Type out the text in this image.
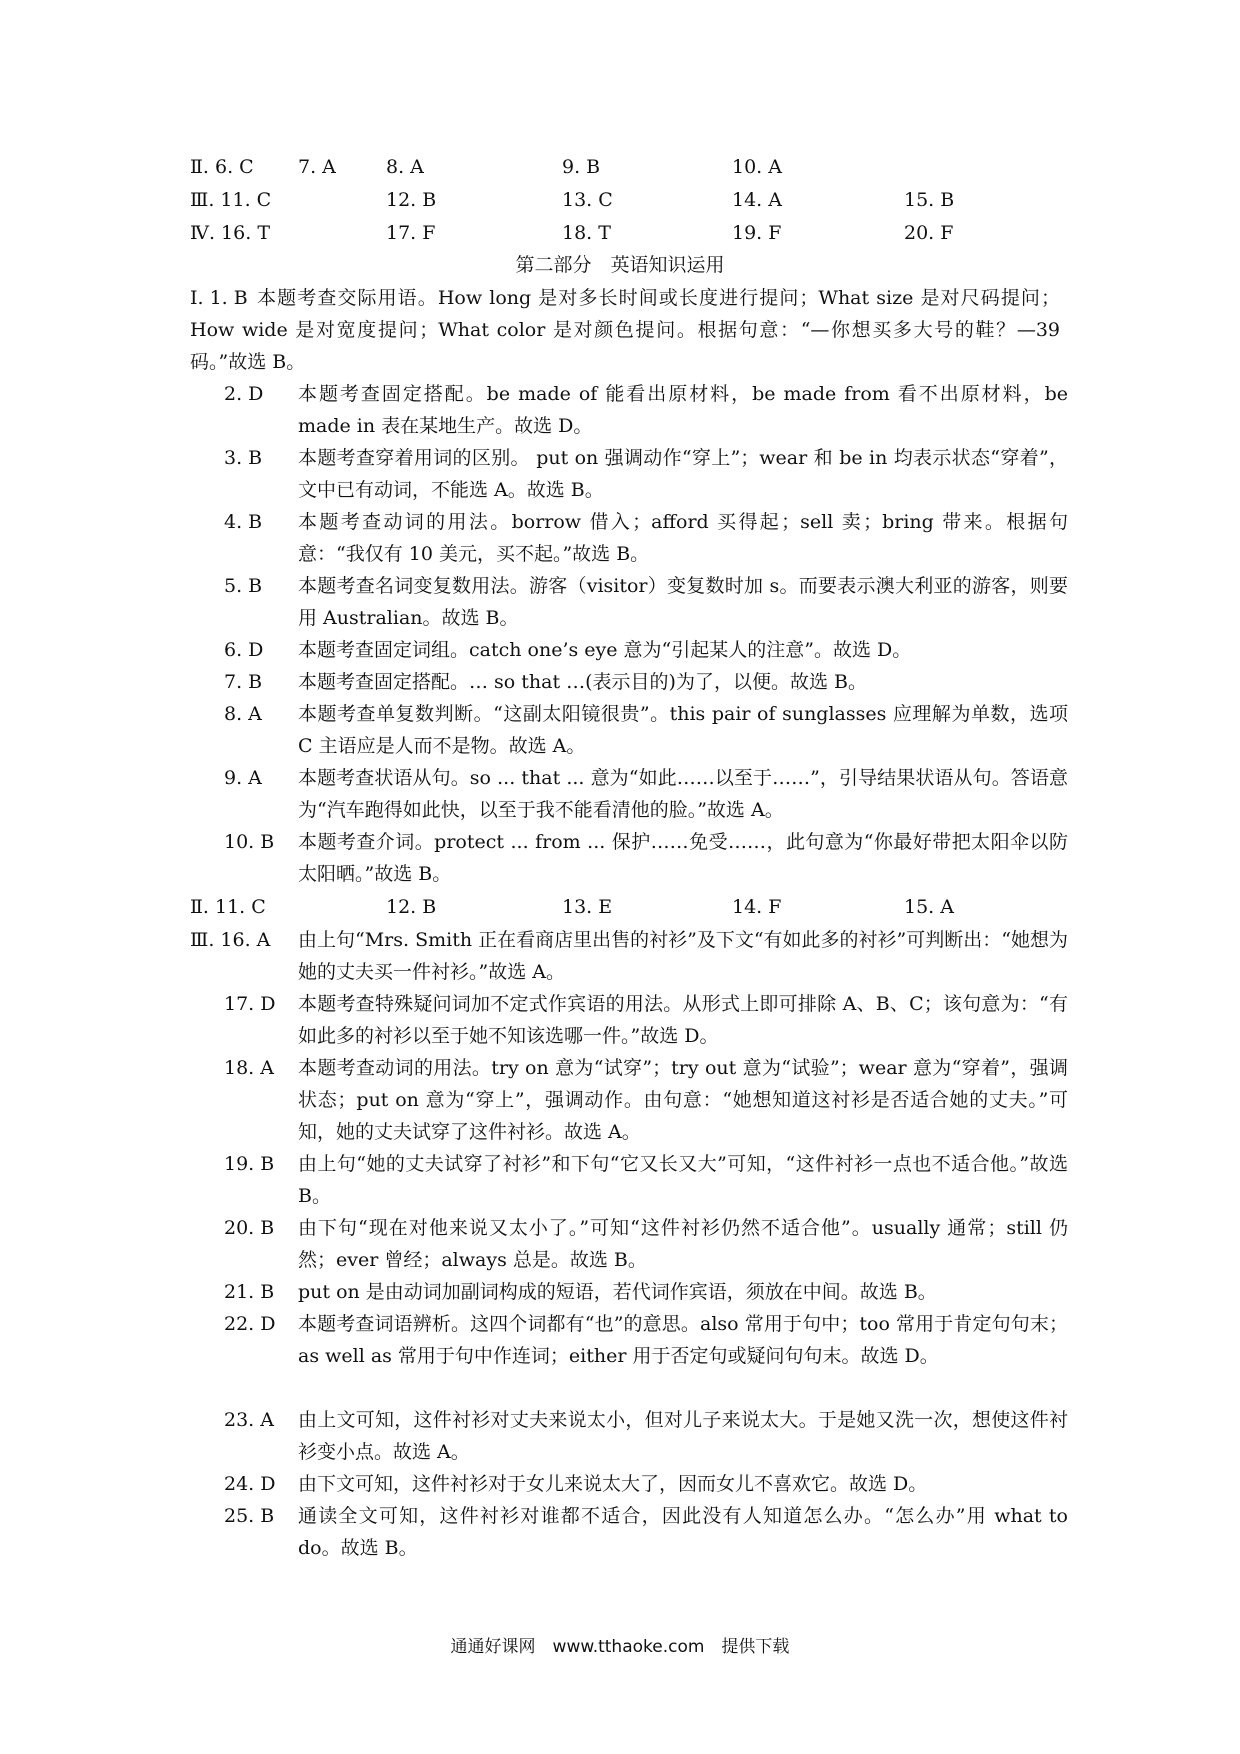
Ⅱ. 6. C 7. A	8. A	9. B	10. A
Ⅲ. 11. C	12. B	13. C	14. A	15. B
Ⅳ. 16. T	17. F	18. T	19. F	20. F
第二部分　英语知识运用
Ⅰ. 1. B 本题考查交际用语。How long 是对多长时间或长度进行提问；What size 是对尺码提问；How wide 是对宽度提问；What color 是对颜色提问。根据句意：“—你想买多大号的鞋？—39 码。”故选 B。
2. D 本题考查固定搭配。be made of 能看出原材料，be made from 看不出原材料，be made in 表在某地生产。故选 D。
3. B 本题考查穿着用词的区别。 put on 强调动作“穿上”；wear 和 be in 均表示状态“穿着”，文中已有动词，不能选 A。故选 B。
4. B 本题考查动词的用法。borrow 借入；afford 买得起；sell 卖；bring 带来。根据句意：“我仅有 10 美元，买不起。”故选 B。
5. B 本题考查名词变复数用法。游客（visitor）变复数时加 s。而要表示澳大利亚的游客，则要用 Australian。故选 B。
6. D 本题考查固定词组。catch one’s eye 意为“引起某人的注意”。故选 D。
7. B 本题考查固定搭配。… so that …(表示目的)为了，以便。故选 B。
8. A 本题考查单复数判断。“这副太阳镜很贵”。this pair of sunglasses 应理解为单数，选项 C 主语应是人而不是物。故选 A。
9. A 本题考查状语从句。so ... that ... 意为“如此……以至于……”，引导结果状语从句。答语意为“汽车跑得如此快，以至于我不能看清他的脸。”故选 A。
10. B 本题考查介词。protect ... from ... 保护……免受……，此句意为“你最好带把太阳伞以防太阳晒。”故选 B。
Ⅱ. 11. C	12. B	13. E	14. F	15. A
Ⅲ. 16. A 由上句“Mrs. Smith 正在看商店里出售的衬衫”及下文“有如此多的衬衫”可判断出：“她想为她的丈夫买一件衬衫。”故选 A。
17. D 本题考查特殊疑问词加不定式作宾语的用法。从形式上即可排除 A、B、C；该句意为：“有如此多的衬衫以至于她不知该选哪一件。”故选 D。
18. A 本题考查动词的用法。try on 意为“试穿”；try out 意为“试验”；wear 意为“穿着”，强调状态；put on 意为“穿上”，强调动作。由句意：“她想知道这衬衫是否适合她的丈夫。”可知，她的丈夫试穿了这件衬衫。故选 A。
19. B 由上句“她的丈夫试穿了衬衫”和下句“它又长又大”可知，“这件衬衫一点也不适合他。”故选 B。
20. B 由下句“现在对他来说又太小了。”可知“这件衬衫仍然不适合他”。usually 通常；still 仍然；ever 曾经；always 总是。故选 B。
21. B put on 是由动词加副词构成的短语，若代词作宾语，须放在中间。故选 B。
22. D 本题考查词语辨析。这四个词都有“也”的意思。also 常用于句中；too 常用于肯定句句末；as well as 常用于句中作连词；either 用于否定句或疑问句句末。故选 D。
23. A 由上文可知，这件衬衫对丈夫来说太小，但对儿子来说太大。于是她又洗一次，想使这件衬衫变小点。故选 A。
24. D 由下文可知，这件衬衫对于女儿来说太大了，因而女儿不喜欢它。故选 D。
25. B 通读全文可知，这件衬衫对谁都不适合，因此没有人知道怎么办。“怎么办”用 what to do。故选 B。
通通好课网　www.tthaoke.com　提供下载
